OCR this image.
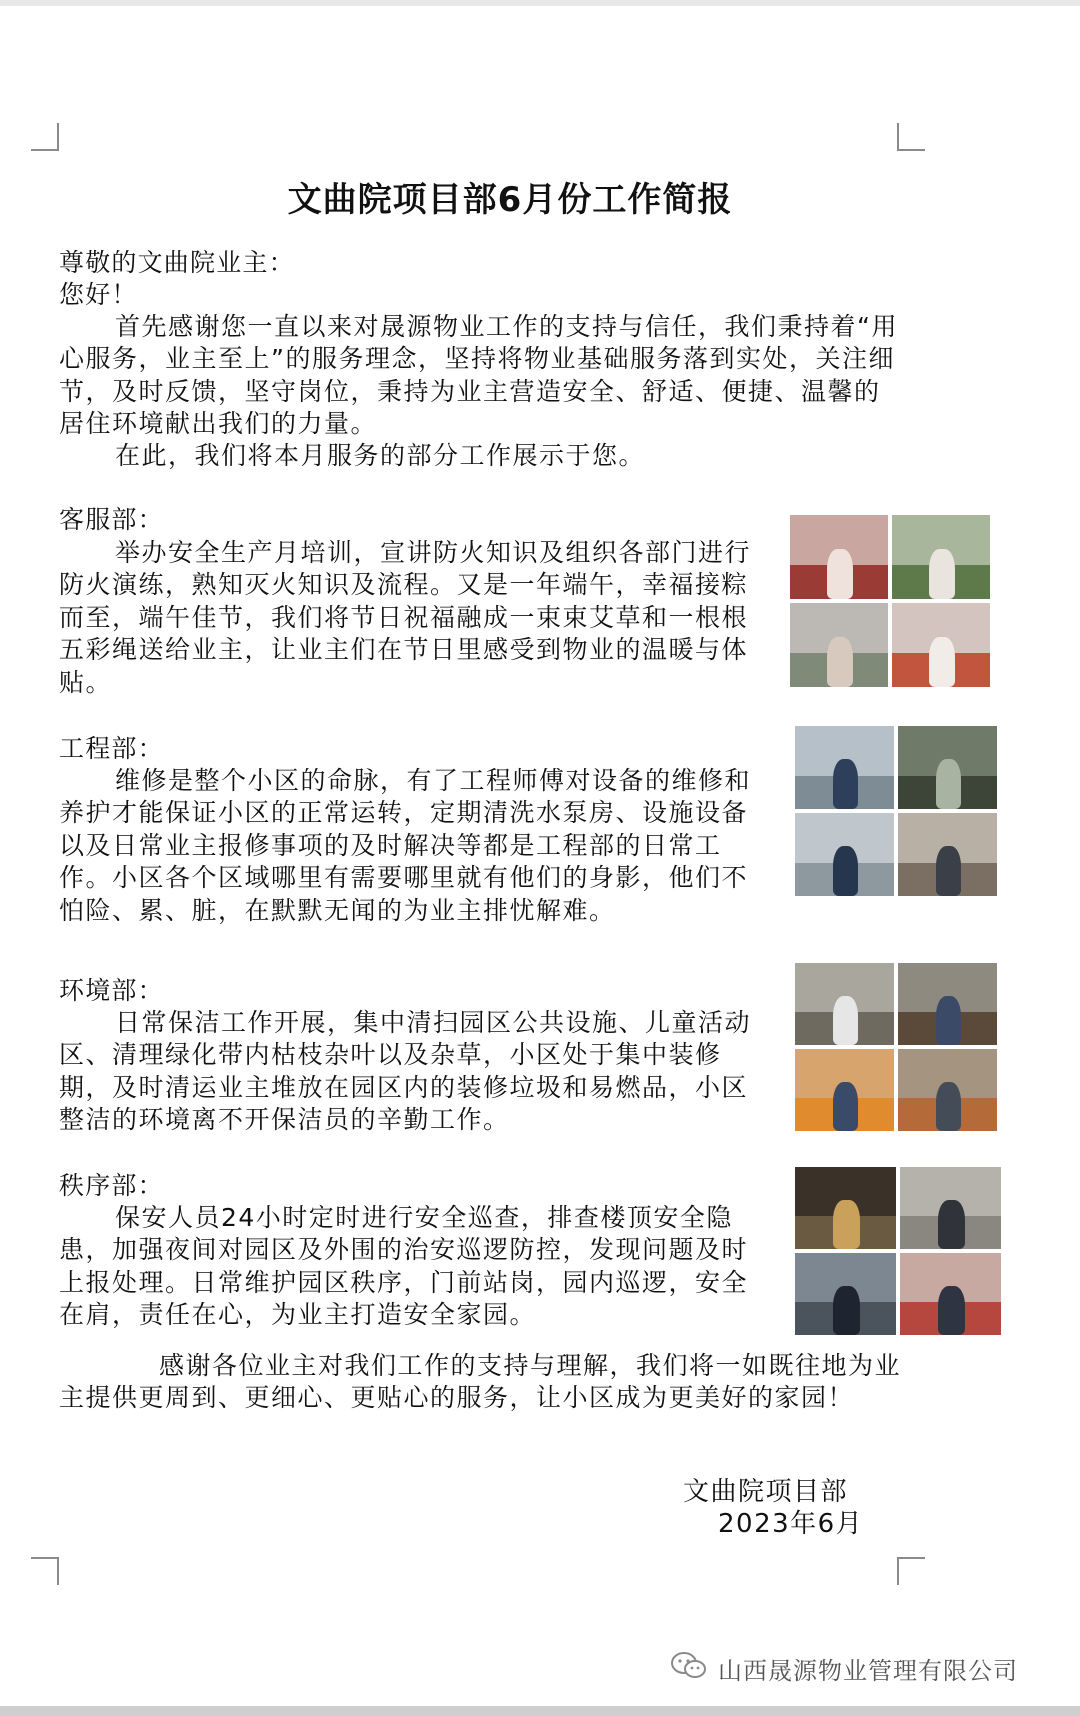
文曲院项目部6月份工作简报
尊敬的文曲院业主：
您好！

首先感谢您一直以来对晟源物业工作的支持与信任，我们秉持着“用心服务，业主至上”的服务理念，坚持将物业基础服务落到实处，关注细节，及时反馈，坚守岗位，秉持为业主营造安全、舒适、便捷、温馨的居住环境献出我们的力量。

在此，我们将本月服务的部分工作展示于您。

客服部：

举办安全生产月培训，宣讲防火知识及组织各部门进行防火演练，熟知灭火知识及流程。又是一年端午，幸福接粽而至，端午佳节，我们将节日祝福融成一束束艾草和一根根五彩绳送给业主，让业主们在节日里感受到物业的温暖与体贴。

工程部：

维修是整个小区的命脉，有了工程师傅对设备的维修和养护才能保证小区的正常运转，定期清洗水泵房、设施设备以及日常业主报修事项的及时解决等都是工程部的日常工作。小区各个区域哪里有需要哪里就有他们的身影，他们不怕险、累、脏，在默默无闻的为业主排忧解难。

环境部：

日常保洁工作开展，集中清扫园区公共设施、儿童活动区、清理绿化带内枯枝杂叶以及杂草，小区处于集中装修期，及时清运业主堆放在园区内的装修垃圾和易燃品，小区整洁的环境离不开保洁员的辛勤工作。

秩序部：

保安人员24小时定时进行安全巡查，排查楼顶安全隐患，加强夜间对园区及外围的治安巡逻防控，发现问题及时上报处理。日常维护园区秩序，门前站岗，园内巡逻，安全在肩，责任在心，为业主打造安全家园。

感谢各位业主对我们工作的支持与理解，我们将一如既往地为业主提供更周到、更细心、更贴心的服务，让小区成为更美好的家园！

文曲院项目部
2023年6月
山西晟源物业管理有限公司
